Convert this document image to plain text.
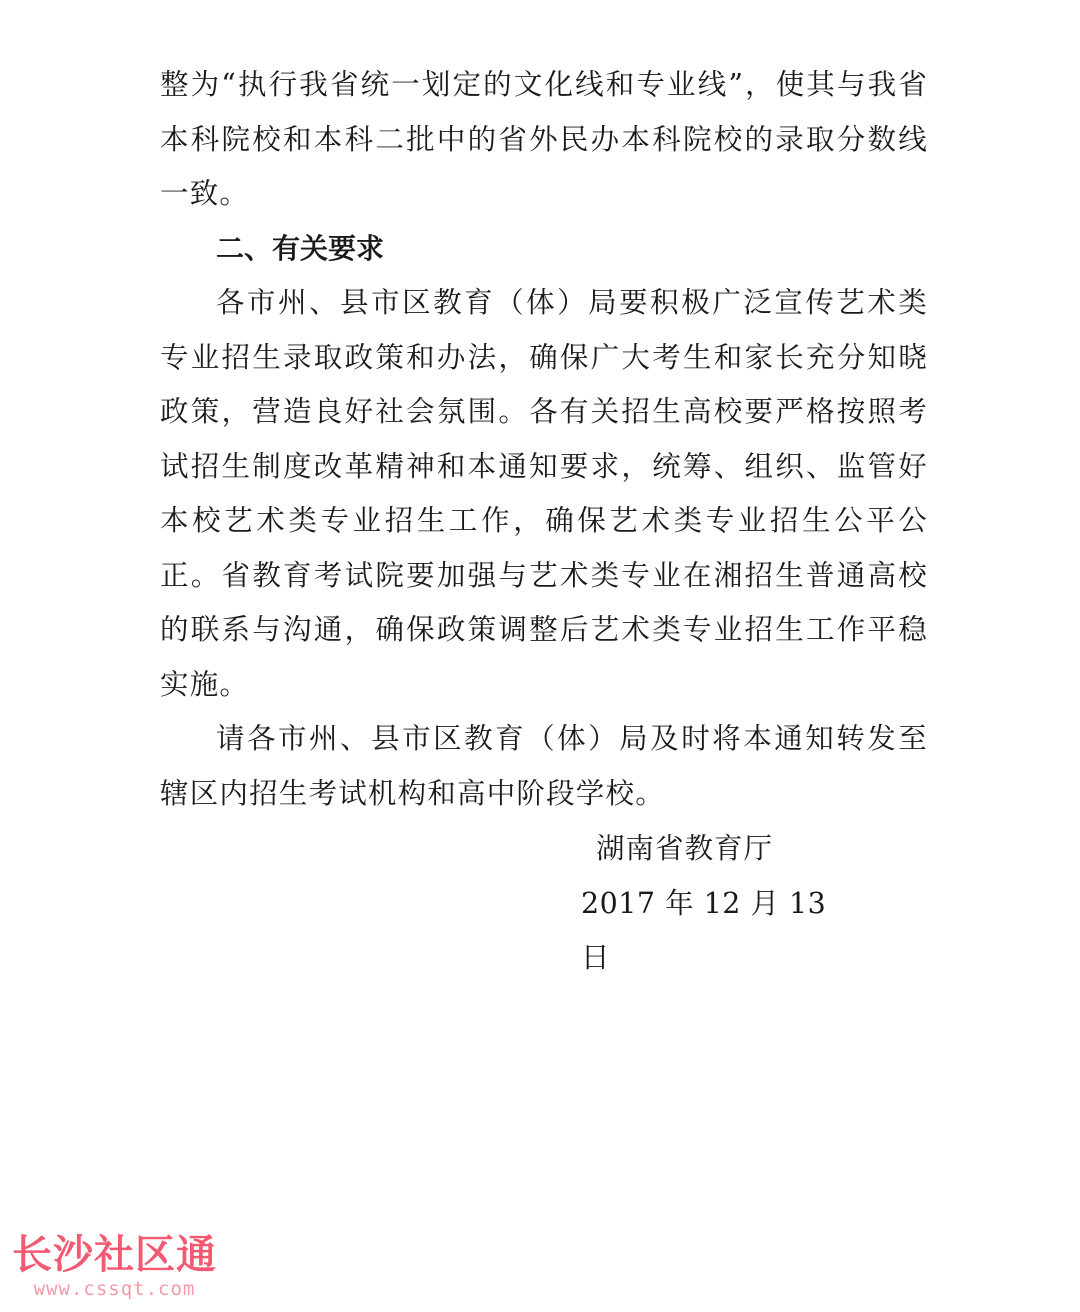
整为“执行我省统一划定的文化线和专业线”，使其与我省本科院校和本科二批中的省外民办本科院校的录取分数线一致。

二、有关要求

各市州、县市区教育（体）局要积极广泛宣传艺术类专业招生录取政策和办法，确保广大考生和家长充分知晓政策，营造良好社会氛围。各有关招生高校要严格按照考试招生制度改革精神和本通知要求，统筹、组织、监管好本校艺术类专业招生工作，确保艺术类专业招生公平公正。省教育考试院要加强与艺术类专业在湘招生普通高校的联系与沟通，确保政策调整后艺术类专业招生工作平稳实施。

请各市州、县市区教育（体）局及时将本通知转发至辖区内招生考试机构和高中阶段学校。

湖南省教育厅
2017 年 12 月 13 日
长沙社区通
www.cssqt.com
